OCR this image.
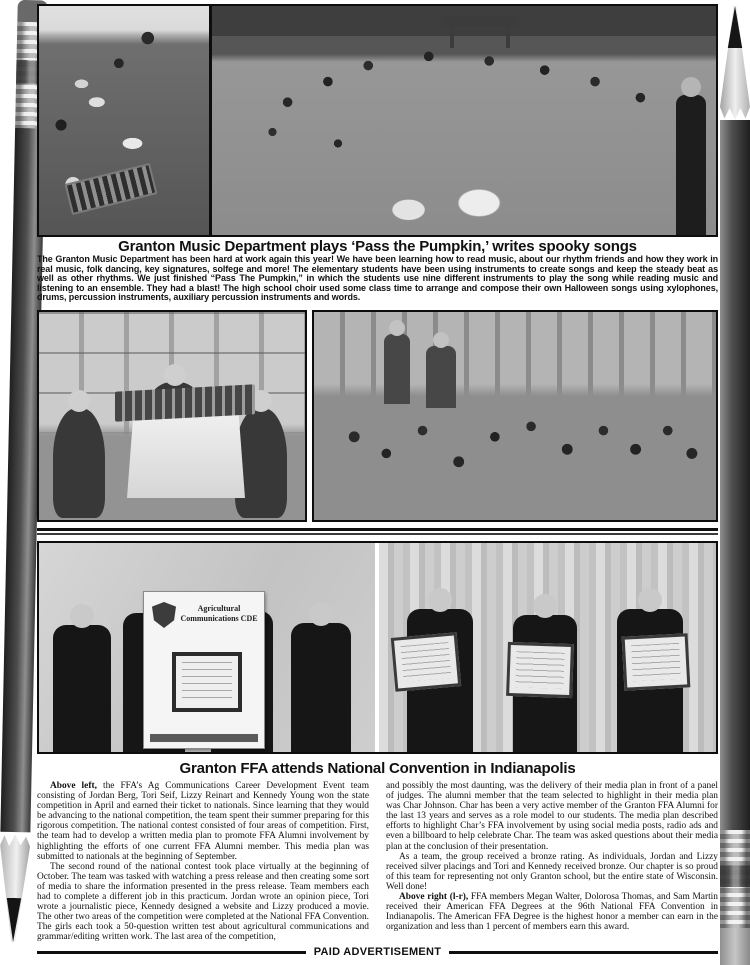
Granton Music Department plays ‘Pass the Pumpkin,’ writes spooky songs
The Granton Music Department has been hard at work again this year! We have been learning how to read music, about our rhythm friends and how they work in real music, folk dancing, key signatures, solfege and more! The elementary students have been using instruments to create songs and keep the steady beat as well as other rhythms. We just finished “Pass The Pumpkin,” in which the students use nine different instruments to play the song while reading music and listening to an ensemble. They had a blast! The high school choir used some class time to arrange and compose their own Halloween songs using xylophones, drums, percussion instruments, auxiliary percussion instruments and words.
Agricultural
Communications CDE
Granton FFA attends National Convention in Indianapolis

Above left, the FFA’s Ag Communications Career Development Event team consisting of Jordan Berg, Tori Seif, Lizzy Reinart and Kennedy Young won the state competition in April and earned their ticket to nationals. Since learning that they would be advancing to the national competition, the team spent their summer preparing for this rigorous competition. The national contest consisted of four areas of competition. First, the team had to develop a written media plan to promote FFA Alumni involvement by highlighting the efforts of one current FFA Alumni member. This media plan was submitted to nationals at the beginning of September.

The second round of the national contest took place virtually at the beginning of October. The team was tasked with watching a press release and then creating some sort of media to share the information presented in the press release. Team members each had to complete a different job in this practicum. Jordan wrote an opinion piece, Tori wrote a journalistic piece, Kennedy designed a website and Lizzy produced a movie. The other two areas of the competition were completed at the National FFA Convention. The girls each took a 50-question written test about agricultural communications and grammar/editing written work. The last area of the competition,

and possibly the most daunting, was the delivery of their media plan in front of a panel of judges. The alumni member that the team selected to highlight in their media plan was Char Johnson. Char has been a very active member of the Granton FFA Alumni for the last 13 years and serves as a role model to our students. The media plan described efforts to highlight Char’s FFA involvement by using social media posts, radio ads and even a billboard to help celebrate Char. The team was asked questions about their media plan at the conclusion of their presentation.

As a team, the group received a bronze rating. As individuals, Jordan and Lizzy received silver placings and Tori and Kennedy received bronze. Our chapter is so proud of this team for representing not only Granton school, but the entire state of Wisconsin. Well done!

Above right (l-r), FFA members Megan Walter, Dolorosa Thomas, and Sam Martin received their American FFA Degrees at the 96th National FFA Convention in Indianapolis. The American FFA Degree is the highest honor a member can earn in the organization and less than 1 percent of members earn this award.

PAID ADVERTISEMENT
